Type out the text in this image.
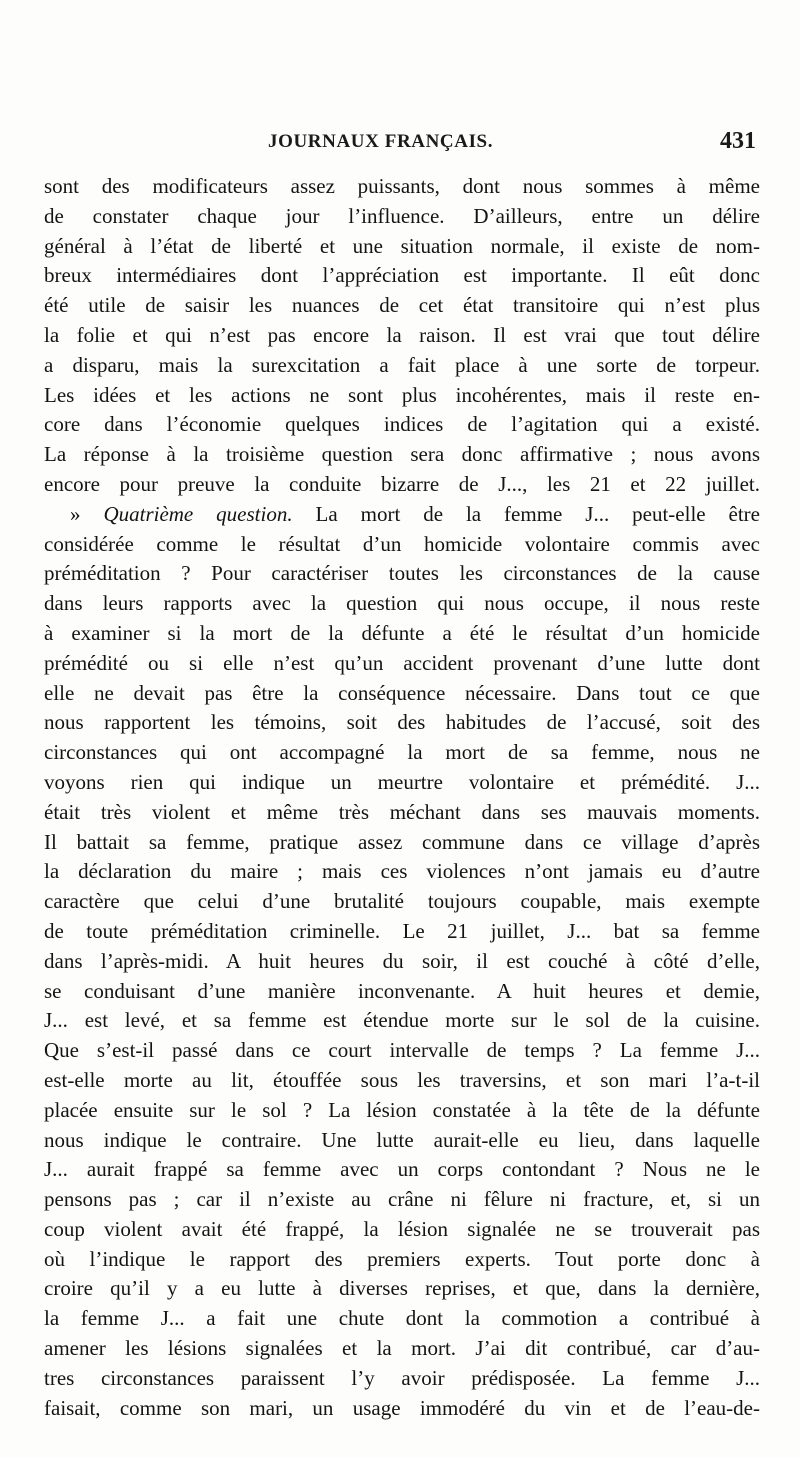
JOURNAUX FRANÇAIS.	431
sont des modificateurs assez puissants, dont nous sommes à même
de constater chaque jour l’influence. D’ailleurs, entre un délire
général à l’état de liberté et une situation normale, il existe de nom-
breux intermédiaires dont l’appréciation est importante. Il eût donc
été utile de saisir les nuances de cet état transitoire qui n’est plus
la folie et qui n’est pas encore la raison. Il est vrai que tout délire
a disparu, mais la surexcitation a fait place à une sorte de torpeur.
Les idées et les actions ne sont plus incohérentes, mais il reste en-
core dans l’économie quelques indices de l’agitation qui a existé.
La réponse à la troisième question sera donc affirmative ; nous avons
encore pour preuve la conduite bizarre de J..., les 21 et 22 juillet.
» Quatrième question. La mort de la femme J... peut-elle être
considérée comme le résultat d’un homicide volontaire commis avec
préméditation ? Pour caractériser toutes les circonstances de la cause
dans leurs rapports avec la question qui nous occupe, il nous reste
à examiner si la mort de la défunte a été le résultat d’un homicide
prémédité ou si elle n’est qu’un accident provenant d’une lutte dont
elle ne devait pas être la conséquence nécessaire. Dans tout ce que
nous rapportent les témoins, soit des habitudes de l’accusé, soit des
circonstances qui ont accompagné la mort de sa femme, nous ne
voyons rien qui indique un meurtre volontaire et prémédité. J...
était très violent et même très méchant dans ses mauvais moments.
Il battait sa femme, pratique assez commune dans ce village d’après
la déclaration du maire ; mais ces violences n’ont jamais eu d’autre
caractère que celui d’une brutalité toujours coupable, mais exempte
de toute préméditation criminelle. Le 21 juillet, J... bat sa femme
dans l’après-midi. A huit heures du soir, il est couché à côté d’elle,
se conduisant d’une manière inconvenante. A huit heures et demie,
J... est levé, et sa femme est étendue morte sur le sol de la cuisine.
Que s’est-il passé dans ce court intervalle de temps ? La femme J...
est-elle morte au lit, étouffée sous les traversins, et son mari l’a-t-il
placée ensuite sur le sol ? La lésion constatée à la tête de la défunte
nous indique le contraire. Une lutte aurait-elle eu lieu, dans laquelle
J... aurait frappé sa femme avec un corps contondant ? Nous ne le
pensons pas ; car il n’existe au crâne ni fêlure ni fracture, et, si un
coup violent avait été frappé, la lésion signalée ne se trouverait pas
où l’indique le rapport des premiers experts. Tout porte donc à
croire qu’il y a eu lutte à diverses reprises, et que, dans la dernière,
la femme J... a fait une chute dont la commotion a contribué à
amener les lésions signalées et la mort. J’ai dit contribué, car d’au-
tres circonstances paraissent l’y avoir prédisposée. La femme J...
faisait, comme son mari, un usage immodéré du vin et de l’eau-de-
